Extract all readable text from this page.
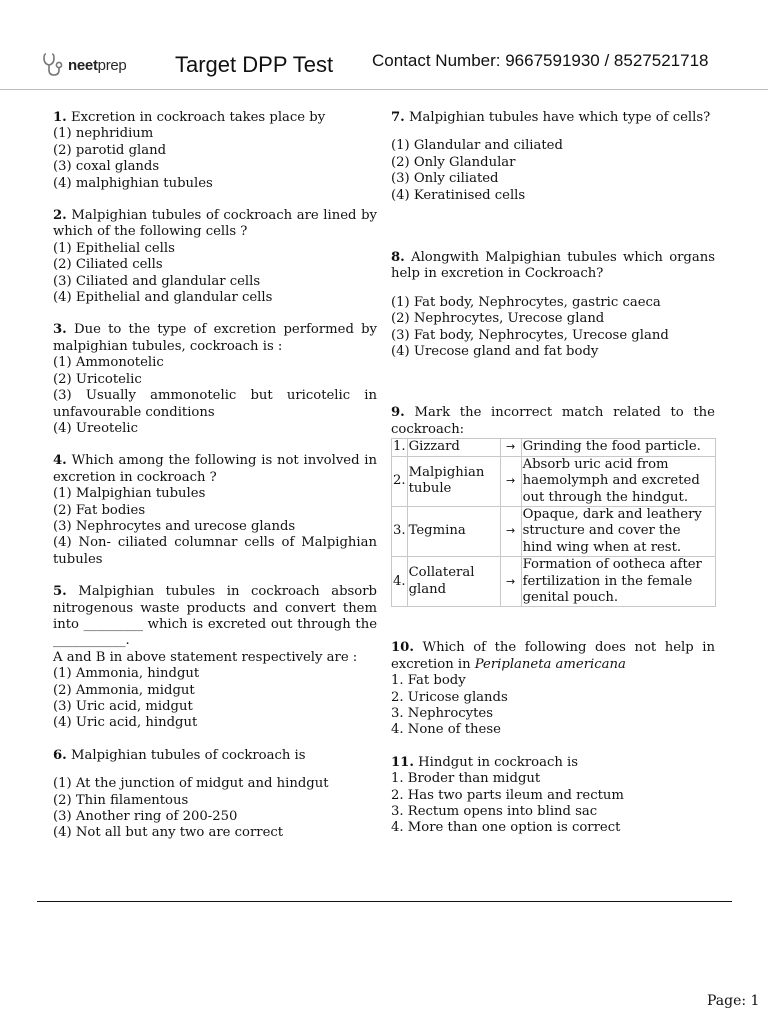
neetprep Target DPP Test Contact Number: 9667591930 / 8527521718
1. Excretion in cockroach takes place by
(1) nephridium
(2) parotid gland
(3) coxal glands
(4) malphighian tubules
2. Malpighian tubules of cockroach are lined by which of the following cells ?
(1) Epithelial cells
(2) Ciliated cells
(3) Ciliated and glandular cells
(4) Epithelial and glandular cells
3. Due to the type of excretion performed by malpighian tubules, cockroach is :
(1) Ammonotelic
(2) Uricotelic
(3) Usually ammonotelic but uricotelic in unfavourable conditions
(4) Ureotelic
4. Which among the following is not involved in excretion in cockroach ?
(1) Malpighian tubules
(2) Fat bodies
(3) Nephrocytes and urecose glands
(4) Non- ciliated columnar cells of Malpighian tubules
5. Malpighian tubules in cockroach absorb nitrogenous waste products and convert them into _________ which is excreted out through the ___________.
A and B in above statement respectively are :
(1) Ammonia, hindgut
(2) Ammonia, midgut
(3) Uric acid, midgut
(4) Uric acid, hindgut
6. Malpighian tubules of cockroach is
(1) At the junction of midgut and hindgut
(2) Thin filamentous
(3) Another ring of 200-250
(4) Not all but any two are correct
7. Malpighian tubules have which type of cells?
(1) Glandular and ciliated
(2) Only Glandular
(3) Only ciliated
(4) Keratinised cells
8. Alongwith Malpighian tubules which organs help in excretion in Cockroach?
(1) Fat body, Nephrocytes, gastric caeca
(2) Nephrocytes, Urecose gland
(3) Fat body, Nephrocytes, Urecose gland
(4) Urecose gland and fat body
9. Mark the incorrect match related to the cockroach:
1.	Gizzard	→	Grinding the food particle.
2.	Malpighian tubule	→	Absorb uric acid from haemolymph and excreted out through the hindgut.
3.	Tegmina	→	Opaque, dark and leathery structure and cover the hind wing when at rest.
4.	Collateral gland	→	Formation of ootheca after fertilization in the female genital pouch.
10. Which of the following does not help in excretion in Periplaneta americana
1. Fat body
2. Uricose glands
3. Nephrocytes
4. None of these
11. Hindgut in cockroach is
1. Broder than midgut
2. Has two parts ileum and rectum
3. Rectum opens into blind sac
4. More than one option is correct
Page: 1
